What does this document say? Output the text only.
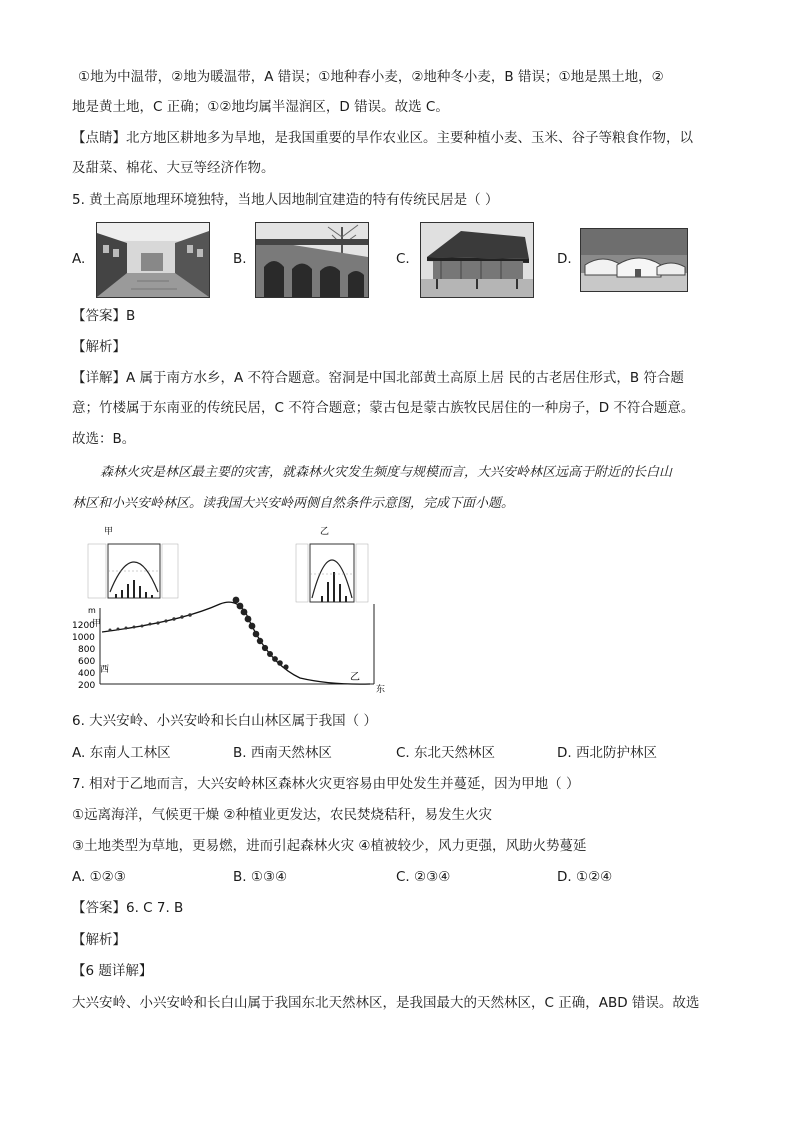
①地为中温带，②地为暖温带，A 错误；①地种春小麦，②地种冬小麦，B 错误；①地是黑土地，②
地是黄土地，C 正确；①②地均属半湿润区，D 错误。故选 C。
【点睛】北方地区耕地多为旱地，是我国重要的旱作农业区。主要种植小麦、玉米、谷子等粮食作物，以
及甜菜、棉花、大豆等经济作物。
5. 黄土高原地理环境独特，当地人因地制宜建造的特有传统民居是（ ）
A.	B.	C.	D.
【答案】B
【解析】
【详解】A 属于南方水乡，A 不符合题意。窑洞是中国北部黄土高原上居 民的古老居住形式，B 符合题
意；竹楼属于东南亚的传统民居，C 不符合题意；蒙古包是蒙古族牧民居住的一种房子，D 不符合题意。
故选：B。
森林火灾是林区最主要的灾害，就森林火灾发生频度与规模而言，大兴安岭林区远高于附近的长白山
林区和小兴安岭林区。读我国大兴安岭两侧自然条件示意图，完成下面小题。
甲	乙
m
1200
1000
800
600
400
200
甲
西
乙
东
6. 大兴安岭、小兴安岭和长白山林区属于我国（ ）
A. 东南人工林区	B. 西南天然林区	C. 东北天然林区	D. 西北防护林区
7. 相对于乙地而言，大兴安岭林区森林火灾更容易由甲处发生并蔓延，因为甲地（ ）
①远离海洋，气候更干燥 ②种植业更发达，农民焚烧秸秆，易发生火灾
③土地类型为草地，更易燃，进而引起森林火灾 ④植被较少，风力更强，风助火势蔓延
A. ①②③	B. ①③④	C. ②③④	D. ①②④
【答案】6. C 7. B
【解析】
【6 题详解】
大兴安岭、小兴安岭和长白山属于我国东北天然林区，是我国最大的天然林区，C 正确，ABD 错误。故选
